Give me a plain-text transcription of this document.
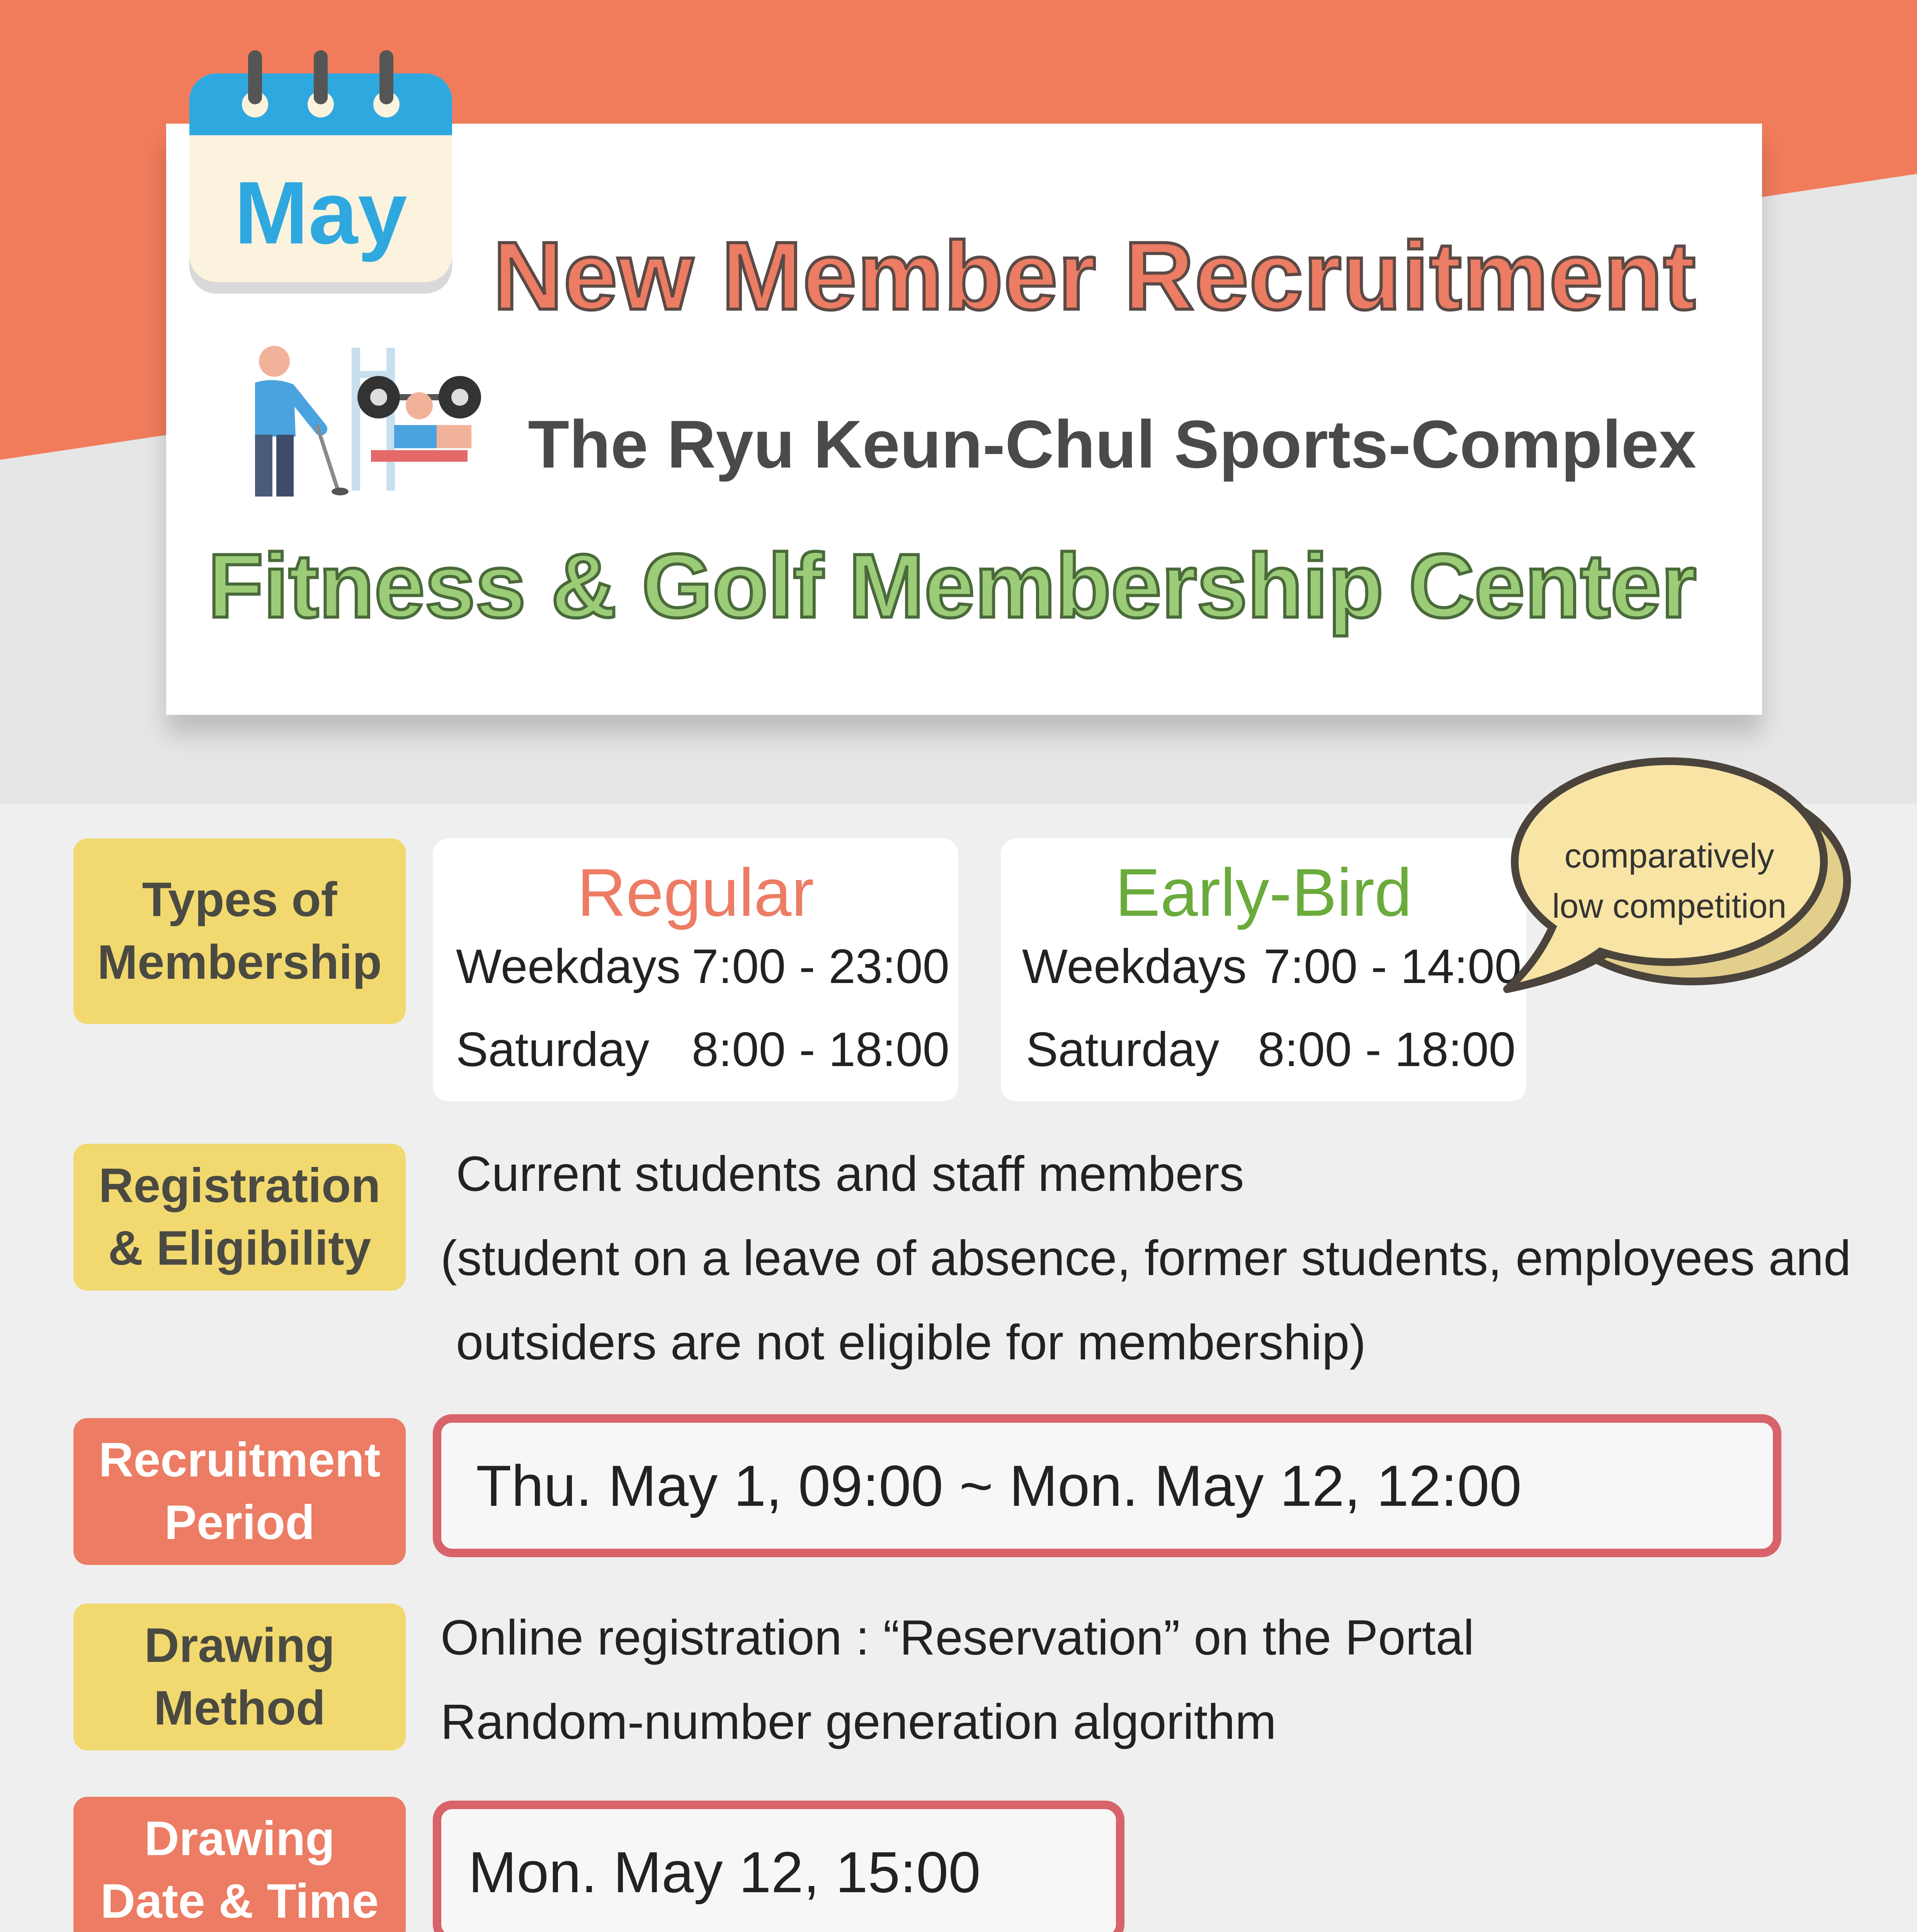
New Member Recruitment
The Ryu Keun-Chul Sports-Complex
Fitness & Golf Membership Center
May
Types of
Membership
Regular
Weekdays 7:00 - 23:00
Saturday 8:00 - 18:00
Early-Bird
Weekdays 7:00 - 14:00
Saturday 8:00 - 18:00
comparatively
low competition
Registration
& Eligibility
Current students and staff members
(student on a leave of absence, former students, employees and
outsiders are not eligible for membership)
Recruitment
Period
Thu. May 1, 09:00 ~ Mon. May 12, 12:00
Drawing
Method
Online registration : “Reservation” on the Portal
Random-number generation algorithm
Drawing
Date & Time	Mon. May 12, 15:00
